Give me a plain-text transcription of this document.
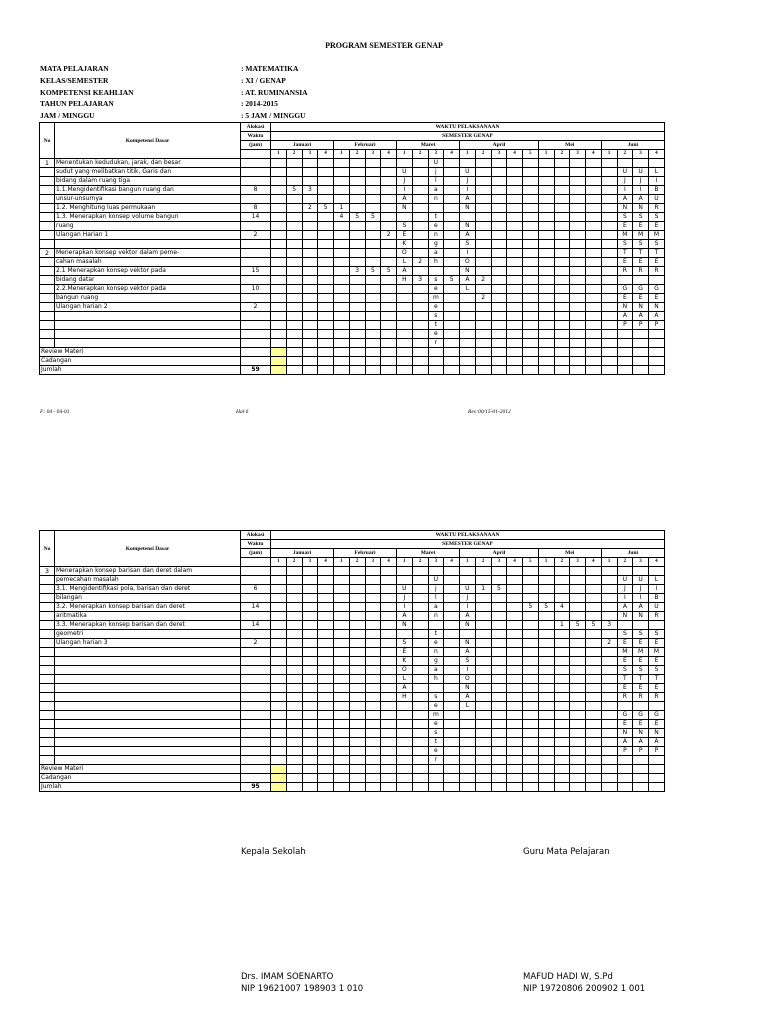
PROGRAM SEMESTER GENAP
MATA PELAJARAN	: MATEMATIKA
KELAS/SEMESTER	: XI / GENAP
KOMPETENSI KEAHLIAN	: AT. RUMINANSIA
TAHUN PELAJARAN	: 2014-2015
JAM / MINGGU	: 5 JAM / MINGGU
No	Kompetensi Dasar	Alokasi	WAKTU PELAKSANAAN																								
		Waktu	SEMESTER GENAP																								
		(jam)	Januari				Februari				Maret				April					Mei				Juni			
			1	2	3	4	1	2	3	4	1	2	3	4	1	2	3	4	5	1	2	3	4	1	2	3	4
1	Menentukan kedudukan, jarak, dan besar												U														
	sudut yang melibatkan titik, Garis dan										U		j		U										U	U	L
	bidang dalam ruang tiga										J		l		J										J	J	I
	1.1.Mengidentifikasi bangun ruang dan	8		5	3						I		a		I										I	I	B
	unsur-unsurnya										A		n		A										A	A	U
	1.2. Menghitung luas permukaan	8			2	5	1				N				N										N	N	R
	1.3. Menerapkan konsep volume bangun	14					4	5	5				t												S	S	S
	ruang										S		e		N										E	E	E
	Ulangan Harian 1	2								2	E		n		A										M	M	M
											K		g		S										S	S	S
2	Menerapkan konsep vektor dalam peme-										O		a		I										T	T	T
	cahan masalah										L	2	h		O										E	E	E
	2.1 Menerapkan konsep vektor pada	15						3	5	5	A				N										R	R	R
	bidang datar										H	3	s	5	A	2											
	2.2.Menerapkan konsep vektor pada	10											e		L										G	G	G
	bangun ruang												m			2									E	E	E
	Ulangan harian 2	2											e												N	N	N
													s												A	A	A
													t												P	P	P
													e														
													r														
Review Materi																											
Cadangan																											
Jumlah		59																									
F: 04 - 04-01	Hal 6	Rev:00/15-01-2012
No	Kompetensi Dasar	Alokasi	WAKTU PELAKSANAAN																								
		Waktu	SEMESTER GENAP																								
		(jam)	Januari				Februari				Maret				April					Mei				Juni			
			1	2	3	4	1	2	3	4	1	2	3	4	1	2	3	4	5	1	2	3	4	1	2	3	4
3	Menerapkan konsep barisan dan deret dalam																										
	pemecahan masalah												U												U	U	L
	3.1. Mengidentifikasi pola, barisan dan deret	6									U		j		U	1	5								J	J	I
	bilangan										J		l		J										I	I	B
	3.2. Menerapkan konsep barisan dan deret	14									I		a		I				5	5	4				A	A	U
	aritmatika										A		n		A										N	N	R
	3.3. Menerapkan konsep barisan dan deret	14									N				N						1	5	5	3			
	geometri												t												S	S	S
	Ulangan harian 3	2									S		e		N									2	E	E	E
											E		n		A										M	M	M
											K		g		S										E	E	E
											O		a		I										S	S	S
											L		h		O										T	T	T
											A				N										E	E	E
											H		s		A										R	R	R
													e		L												
													m												G	G	G
													e												E	E	E
													s												N	N	N
													t												A	A	A
													e												P	P	P
													r														
Review Materi																											
Cadangan																											
Jumlah		95																									
Kepala Sekolah	Guru Mata Pelajaran
Drs. IMAM SOENARTO
NIP 19621007 198903 1 010
MAFUD HADI W, S.Pd
NIP 19720806 200902 1 001
